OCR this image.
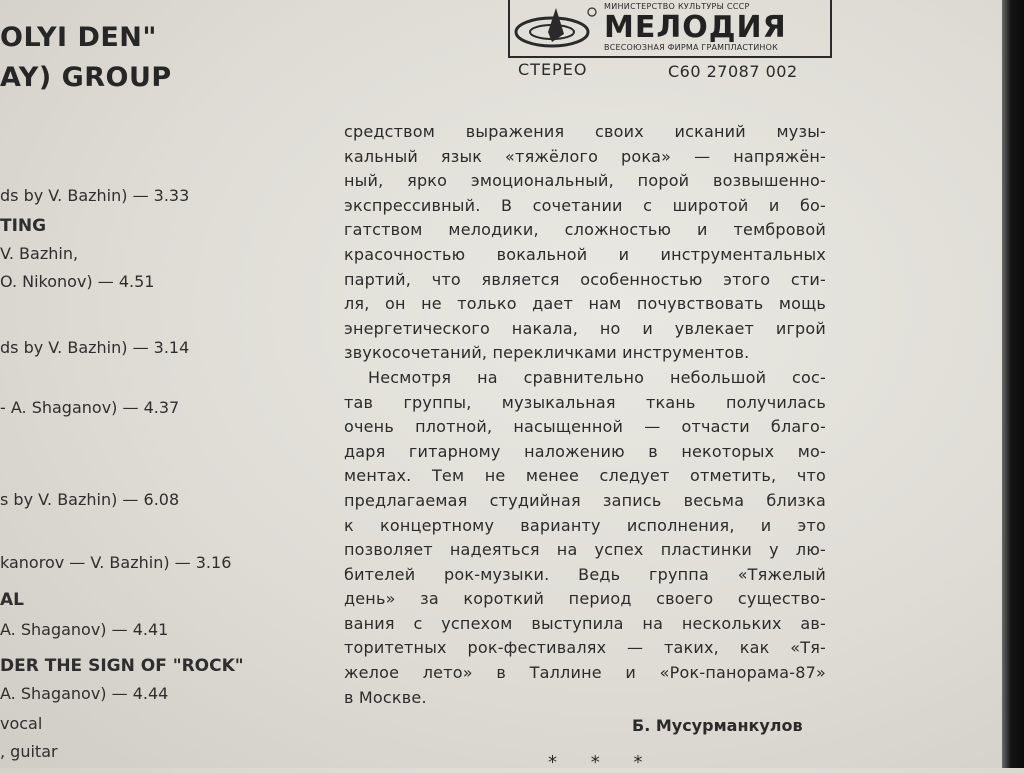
OLYI DEN"
AY) GROUP
ds by V. Bazhin) — 3.33
TING
V. Bazhin,
O. Nikonov) — 4.51
ds by V. Bazhin) — 3.14
- A. Shaganov) — 4.37
s by V. Bazhin) — 6.08
kanorov — V. Bazhin) — 3.16
AL
A. Shaganov) — 4.41
DER THE SIGN OF "ROCK"
A. Shaganov) — 4.44
vocal
, guitar
МИНИСТЕРСТВО КУЛЬТУРЫ СССР
МЕЛОДИЯ
ВСЕСОЮЗНАЯ ФИРМА ГРАМПЛАСТИНОК
СТЕРЕО	С60 27087 002
средством выражения своих исканий музы-
кальный язык «тяжёлого рока» — напряжён-
ный, ярко эмоциональный, порой возвышенно-
экспрессивный. В сочетании с широтой и бо-
гатством мелодики, сложностью и тембровой
красочностью вокальной и инструментальных
партий, что является особенностью этого сти-
ля, он не только дает нам почувствовать мощь
энергетического накала, но и увлекает игрой
звукосочетаний, перекличками инструментов.
Несмотря на сравнительно небольшой сос-
тав группы, музыкальная ткань получилась
очень плотной, насыщенной — отчасти благо-
даря гитарному наложению в некоторых мо-
ментах. Тем не менее следует отметить, что
предлагаемая студийная запись весьма близка
к концертному варианту исполнения, и это
позволяет надеяться на успех пластинки у лю-
бителей рок-музыки. Ведь группа «Тяжелый
день» за короткий период своего существо-
вания с успехом выступила на нескольких ав-
торитетных рок-фестивалях — таких, как «Тя-
желое лето» в Таллине и «Рок-панорама-87»
в Москве.
Б. Мусурманкулов
* * *
